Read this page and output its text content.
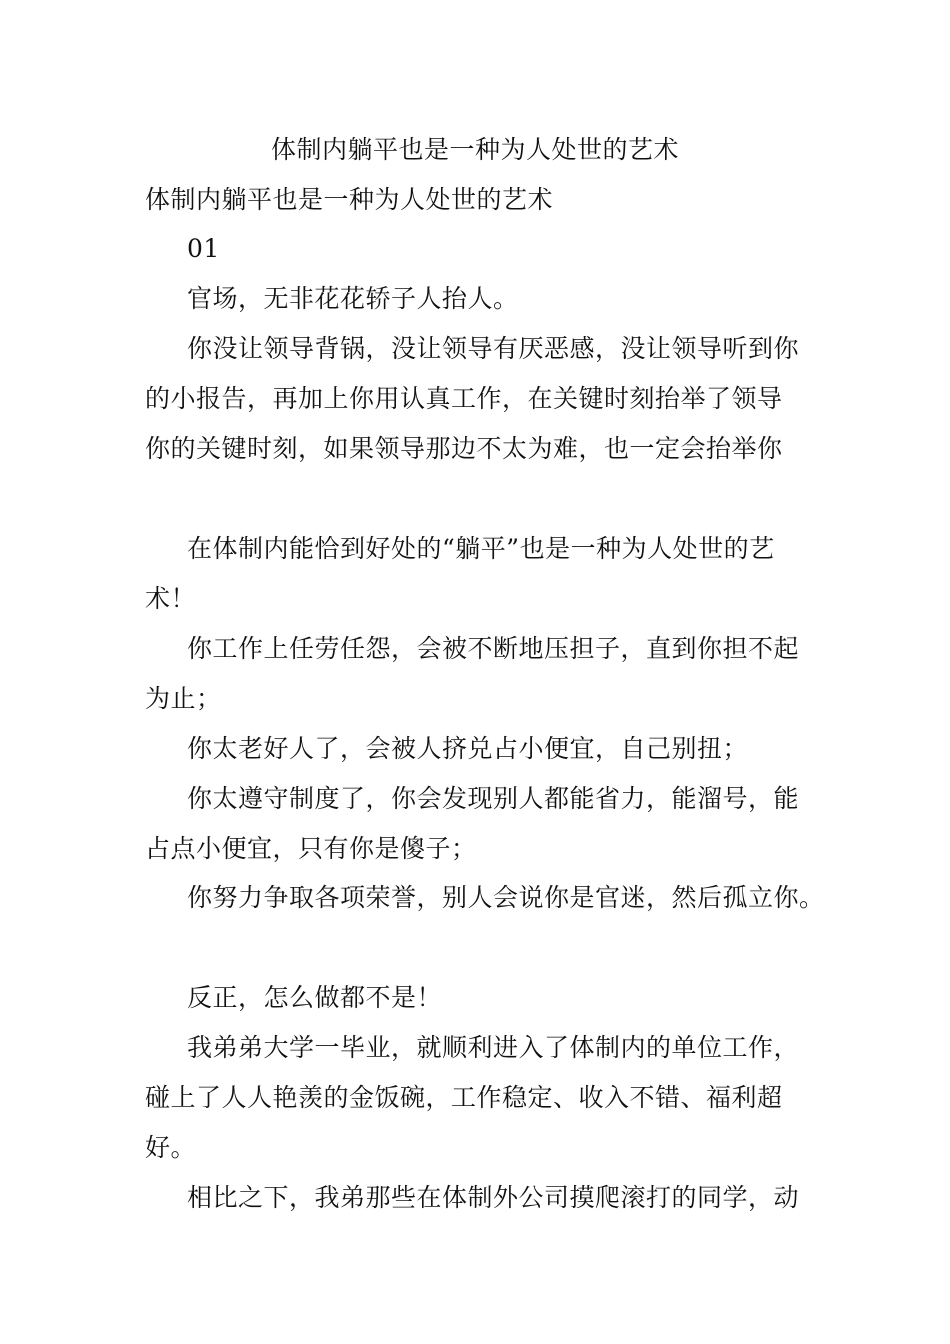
体制内躺平也是一种为人处世的艺术
体制内躺平也是一种为人处世的艺术
01
官场，无非花花轿子人抬人。
你没让领导背锅，没让领导有厌恶感，没让领导听到你
的小报告，再加上你用认真工作，在关键时刻抬举了领导
你的关键时刻，如果领导那边不太为难，也一定会抬举你
在体制内能恰到好处的“躺平”也是一种为人处世的艺
术！
你工作上任劳任怨，会被不断地压担子，直到你担不起
为止；
你太老好人了，会被人挤兑占小便宜，自己别扭；
你太遵守制度了，你会发现别人都能省力，能溜号，能
占点小便宜，只有你是傻子；
你努力争取各项荣誉，别人会说你是官迷，然后孤立你。
反正，怎么做都不是！
我弟弟大学一毕业，就顺利进入了体制内的单位工作，
碰上了人人艳羡的金饭碗，工作稳定、收入不错、福利超
好。
相比之下，我弟那些在体制外公司摸爬滚打的同学，动
